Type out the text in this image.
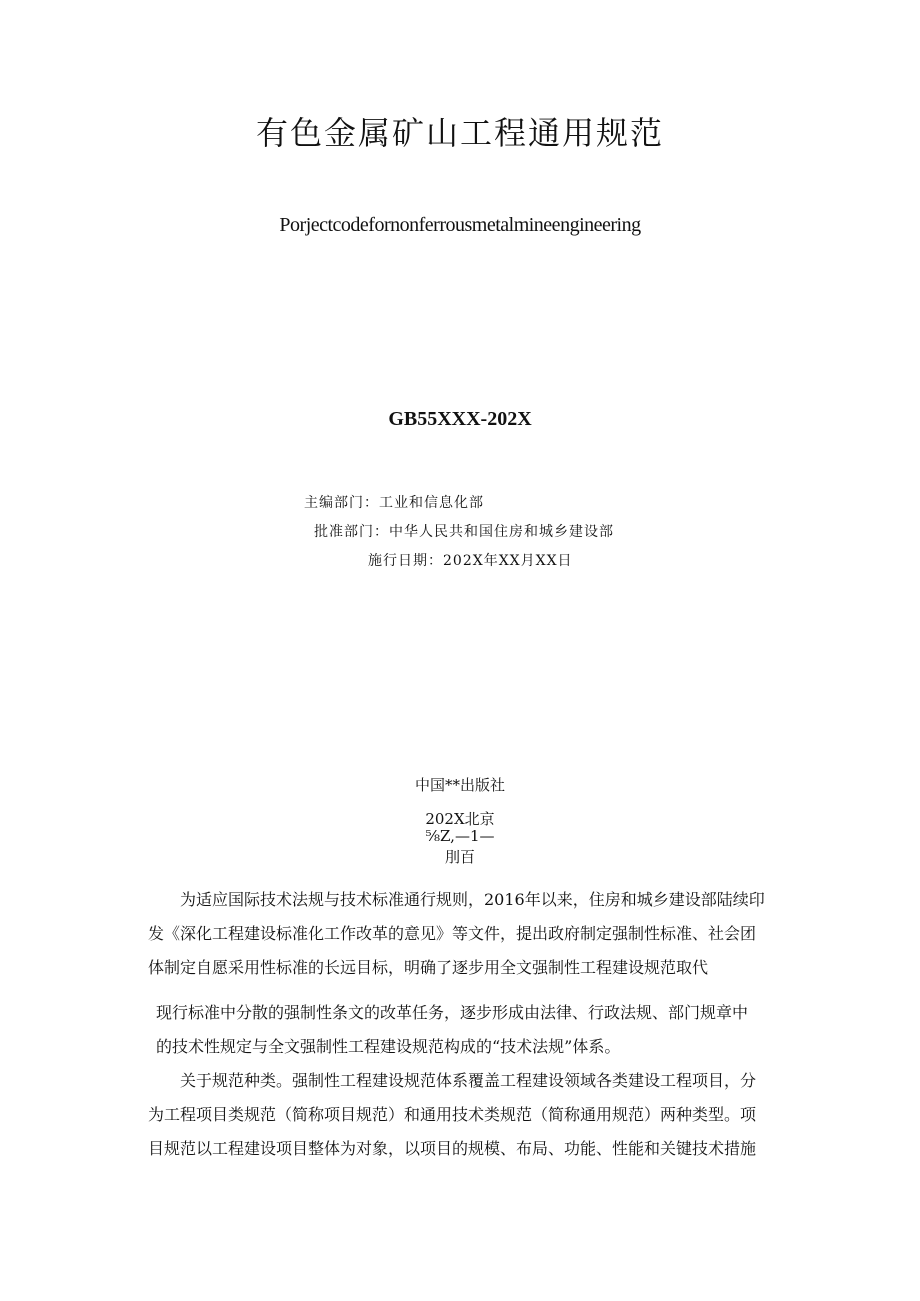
有色金属矿山工程通用规范
Porjectcodefornonferrousmetalmineengineering
GB55XXX-202X
主编部门：工业和信息化部
批准部门：中华人民共和国住房和城乡建设部
施行日期：202X年XX月XX日
中国**出版社
202X北京
⅝Z,—1—
刖百
为适应国际技术法规与技术标准通行规则，2016年以来，住房和城乡建设部陆续印
发《深化工程建设标准化工作改革的意见》等文件，提出政府制定强制性标准、社会团
体制定自愿采用性标准的长远目标，明确了逐步用全文强制性工程建设规范取代
现行标准中分散的强制性条文的改革任务，逐步形成由法律、行政法规、部门规章中
的技术性规定与全文强制性工程建设规范构成的“技术法规”体系。
关于规范种类。强制性工程建设规范体系覆盖工程建设领域各类建设工程项目，分
为工程项目类规范（简称项目规范）和通用技术类规范（简称通用规范）两种类型。项
目规范以工程建设项目整体为对象，以项目的规模、布局、功能、性能和关键技术措施
